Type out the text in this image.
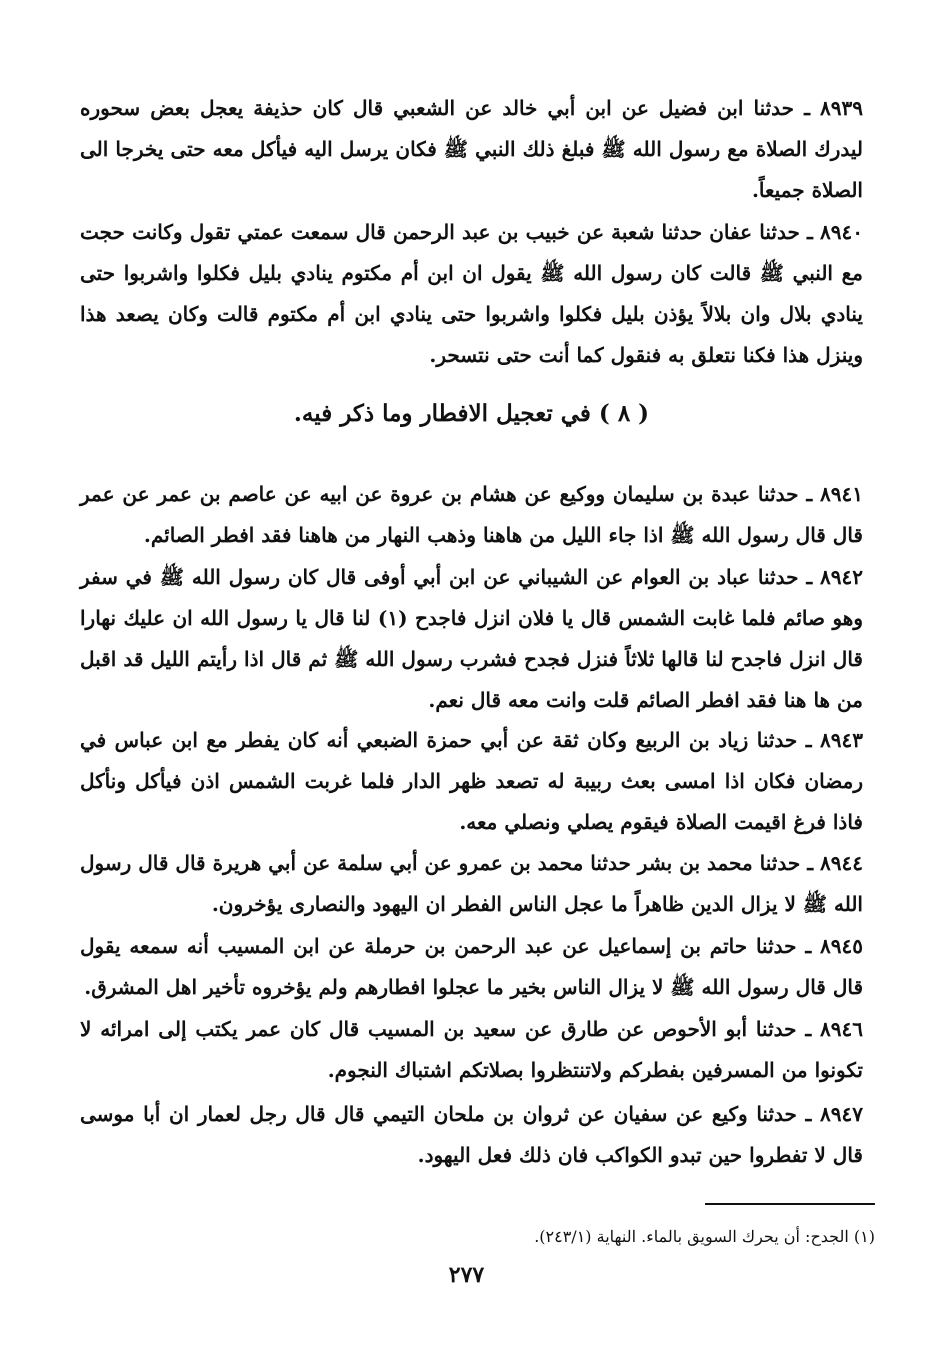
٨٩٣٩ ـ حدثنا ابن فضيل عن ابن أبي خالد عن الشعبي قال كان حذيفة يعجل بعض سحوره ليدرك الصلاة مع رسول الله ﷺ فبلغ ذلك النبي ﷺ فكان يرسل اليه فيأكل معه حتى يخرجا الى الصلاة جميعاً.

٨٩٤٠ ـ حدثنا عفان حدثنا شعبة عن خبيب بن عبد الرحمن قال سمعت عمتي تقول وكانت حجت مع النبي ﷺ قالت كان رسول الله ﷺ يقول ان ابن أم مكتوم ينادي بليل فكلوا واشربوا حتى ينادي بلال وان بلالاً يؤذن بليل فكلوا واشربوا حتى ينادي ابن أم مكتوم قالت وكان يصعد هذا وينزل هذا فكنا نتعلق به فنقول كما أنت حتى نتسحر.

( ٨ ) في تعجيل الافطار وما ذكر فيه.

٨٩٤١ ـ حدثنا عبدة بن سليمان ووكيع عن هشام بن عروة عن ابيه عن عاصم بن عمر عن عمر قال قال رسول الله ﷺ اذا جاء الليل من هاهنا وذهب النهار من هاهنا فقد افطر الصائم.

٨٩٤٢ ـ حدثنا عباد بن العوام عن الشيباني عن ابن أبي أوفى قال كان رسول الله ﷺ في سفر وهو صائم فلما غابت الشمس قال يا فلان انزل فاجدح (١) لنا قال يا رسول الله ان عليك نهارا قال انزل فاجدح لنا قالها ثلاثاً فنزل فجدح فشرب رسول الله ﷺ ثم قال اذا رأيتم الليل قد اقبل من ها هنا فقد افطر الصائم قلت وانت معه قال نعم.

٨٩٤٣ ـ حدثنا زياد بن الربيع وكان ثقة عن أبي حمزة الضبعي أنه كان يفطر مع ابن عباس في رمضان فكان اذا امسى بعث ربيبة له تصعد ظهر الدار فلما غربت الشمس اذن فيأكل ونأكل فاذا فرغ اقيمت الصلاة فيقوم يصلي ونصلي معه.

٨٩٤٤ ـ حدثنا محمد بن بشر حدثنا محمد بن عمرو عن أبي سلمة عن أبي هريرة قال قال رسول الله ﷺ لا يزال الدين ظاهراً ما عجل الناس الفطر ان اليهود والنصارى يؤخرون.

٨٩٤٥ ـ حدثنا حاتم بن إسماعيل عن عبد الرحمن بن حرملة عن ابن المسيب أنه سمعه يقول قال قال رسول الله ﷺ لا يزال الناس بخير ما عجلوا افطارهم ولم يؤخروه تأخير اهل المشرق.

٨٩٤٦ ـ حدثنا أبو الأحوص عن طارق عن سعيد بن المسيب قال كان عمر يكتب إلى امرائه لا تكونوا من المسرفين بفطركم ولاتنتظروا بصلاتكم اشتباك النجوم.

٨٩٤٧ ـ حدثنا وكيع عن سفيان عن ثروان بن ملحان التيمي قال قال رجل لعمار ان أبا موسى قال لا تفطروا حين تبدو الكواكب فان ذلك فعل اليهود.

(١) الجدح: أن يحرك السويق بالماء. النهاية (٢٤٣/١).

٢٧٧
